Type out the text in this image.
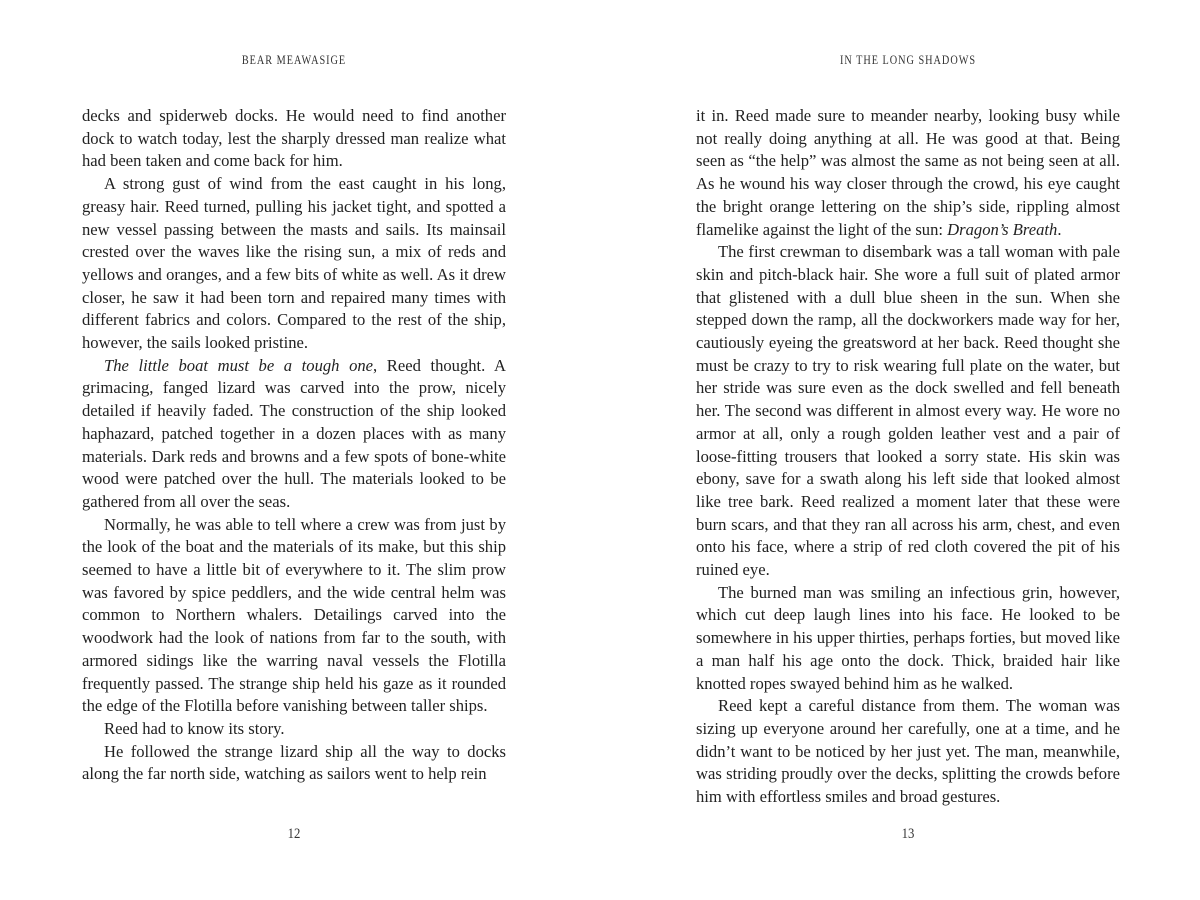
BEAR MEAWASIGE

decks and spiderweb docks. He would need to find another dock to watch today, lest the sharply dressed man realize what had been taken and come back for him.

A strong gust of wind from the east caught in his long, greasy hair. Reed turned, pulling his jacket tight, and spotted a new vessel passing between the masts and sails. Its mainsail crested over the waves like the rising sun, a mix of reds and yellows and oranges, and a few bits of white as well. As it drew closer, he saw it had been torn and repaired many times with different fabrics and colors. Compared to the rest of the ship, however, the sails looked pristine.

The little boat must be a tough one, Reed thought. A grimacing, fanged lizard was carved into the prow, nicely detailed if heavily faded. The construction of the ship looked haphazard, patched together in a dozen places with as many materials. Dark reds and browns and a few spots of bone-white wood were patched over the hull. The materials looked to be gathered from all over the seas.

Normally, he was able to tell where a crew was from just by the look of the boat and the materials of its make, but this ship seemed to have a little bit of everywhere to it. The slim prow was favored by spice peddlers, and the wide central helm was common to Northern whalers. Detailings carved into the woodwork had the look of nations from far to the south, with armored sidings like the warring naval vessels the Flotilla frequently passed. The strange ship held his gaze as it rounded the edge of the Flotilla before vanishing between taller ships.

Reed had to know its story.

He followed the strange lizard ship all the way to docks along the far north side, watching as sailors went to help rein

12
IN THE LONG SHADOWS

it in. Reed made sure to meander nearby, looking busy while not really doing anything at all. He was good at that. Being seen as “the help” was almost the same as not being seen at all. As he wound his way closer through the crowd, his eye caught the bright orange lettering on the ship’s side, rippling almost flamelike against the light of the sun: Dragon’s Breath.

The first crewman to disembark was a tall woman with pale skin and pitch-black hair. She wore a full suit of plated armor that glistened with a dull blue sheen in the sun. When she stepped down the ramp, all the dockworkers made way for her, cautiously eyeing the greatsword at her back. Reed thought she must be crazy to try to risk wearing full plate on the water, but her stride was sure even as the dock swelled and fell beneath her. The second was different in almost every way. He wore no armor at all, only a rough golden leather vest and a pair of loose-fitting trousers that looked a sorry state. His skin was ebony, save for a swath along his left side that looked almost like tree bark. Reed realized a moment later that these were burn scars, and that they ran all across his arm, chest, and even onto his face, where a strip of red cloth covered the pit of his ruined eye.

The burned man was smiling an infectious grin, however, which cut deep laugh lines into his face. He looked to be somewhere in his upper thirties, perhaps forties, but moved like a man half his age onto the dock. Thick, braided hair like knotted ropes swayed behind him as he walked.

Reed kept a careful distance from them. The woman was sizing up everyone around her carefully, one at a time, and he didn’t want to be noticed by her just yet. The man, meanwhile, was striding proudly over the decks, splitting the crowds before him with effortless smiles and broad gestures.

13
